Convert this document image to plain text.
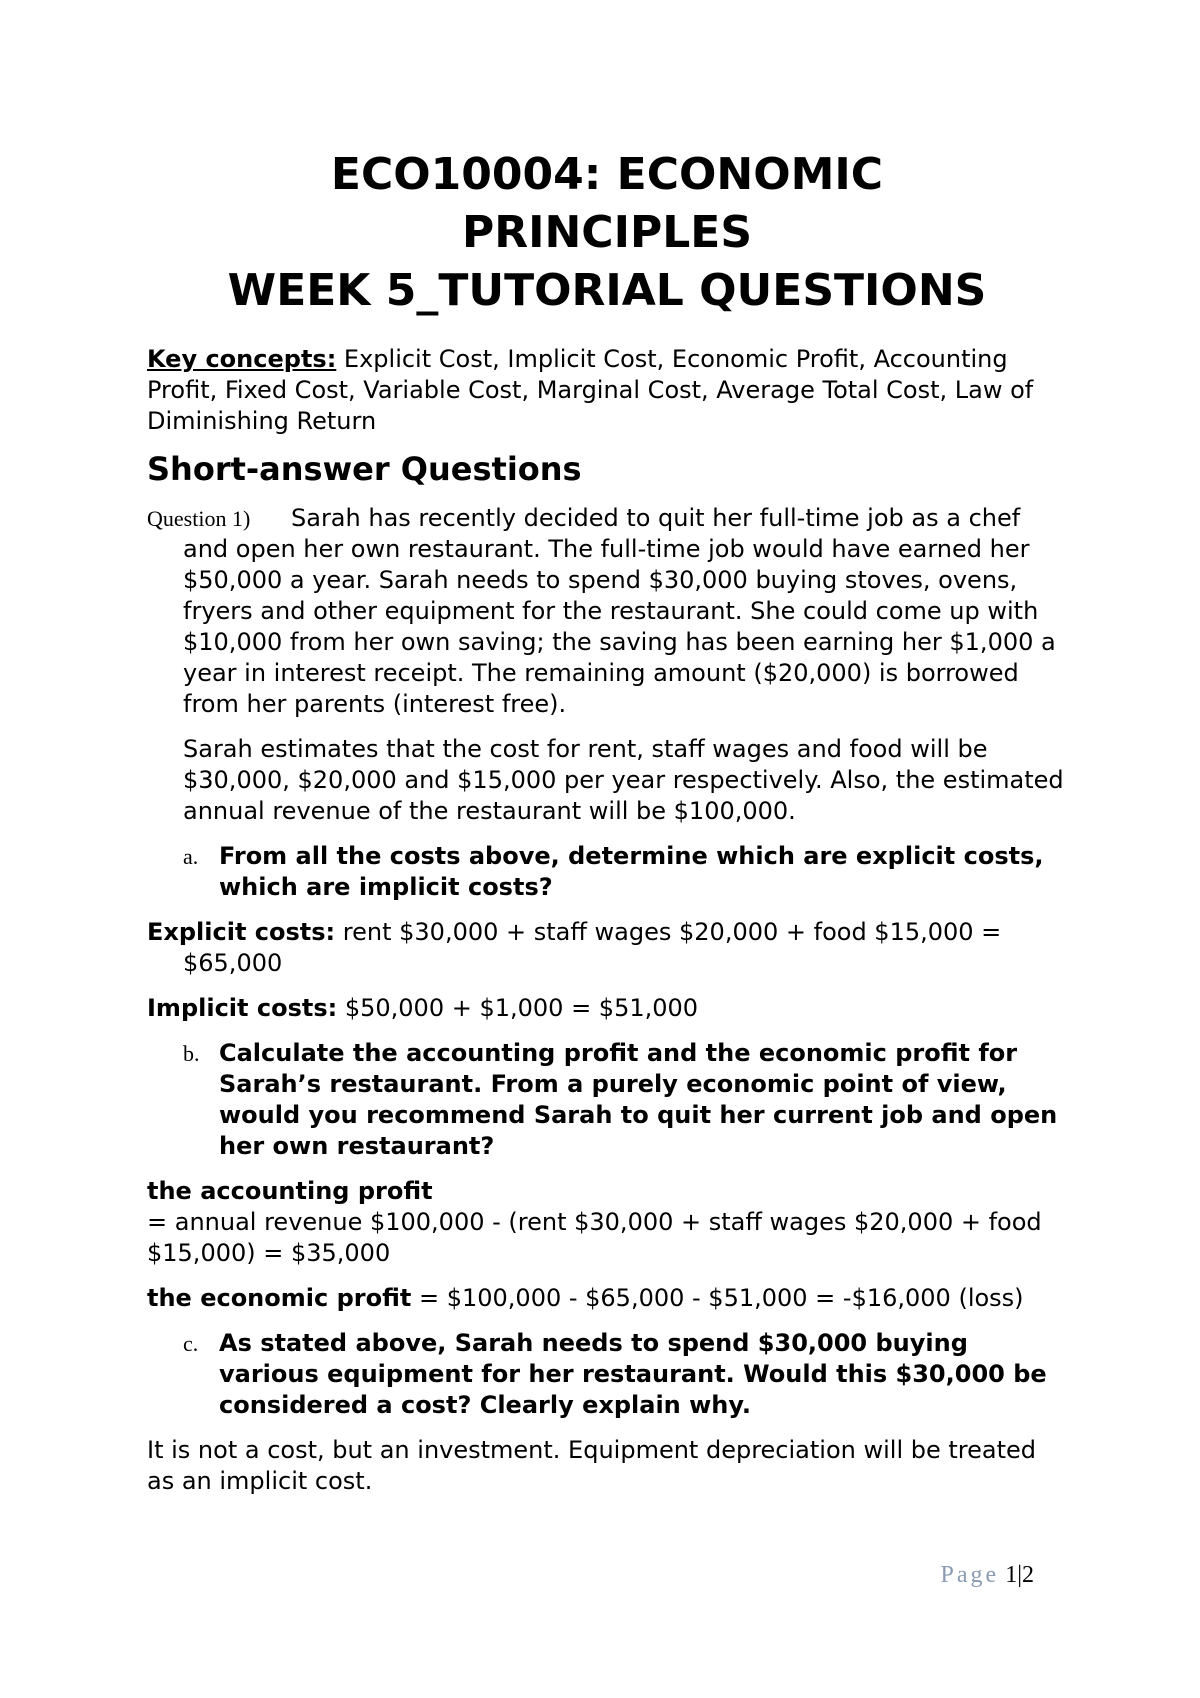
ECO10004: ECONOMIC
PRINCIPLES
WEEK 5_TUTORIAL QUESTIONS
Key concepts: Explicit Cost, Implicit Cost, Economic Profit, Accounting Profit, Fixed Cost, Variable Cost, Marginal Cost, Average Total Cost, Law of Diminishing Return
Short-answer Questions
Question 1) Sarah has recently decided to quit her full-time job as a chef and open her own restaurant. The full-time job would have earned her $50,000 a year. Sarah needs to spend $30,000 buying stoves, ovens, fryers and other equipment for the restaurant. She could come up with $10,000 from her own saving; the saving has been earning her $1,000 a year in interest receipt. The remaining amount ($20,000) is borrowed from her parents (interest free).
Sarah estimates that the cost for rent, staff wages and food will be $30,000, $20,000 and $15,000 per year respectively. Also, the estimated annual revenue of the restaurant will be $100,000.
a. From all the costs above, determine which are explicit costs, which are implicit costs?
Explicit costs: rent $30,000 + staff wages $20,000 + food $15,000 = $65,000
Implicit costs: $50,000 + $1,000 = $51,000
b. Calculate the accounting profit and the economic profit for Sarah’s restaurant. From a purely economic point of view, would you recommend Sarah to quit her current job and open her own restaurant?
the accounting profit
= annual revenue $100,000 - (rent $30,000 + staff wages $20,000 + food $15,000) = $35,000
the economic profit = $100,000 - $65,000 - $51,000 = -$16,000 (loss)
c. As stated above, Sarah needs to spend $30,000 buying various equipment for her restaurant. Would this $30,000 be considered a cost? Clearly explain why.
It is not a cost, but an investment. Equipment depreciation will be treated as an implicit cost.
Page 1|2
